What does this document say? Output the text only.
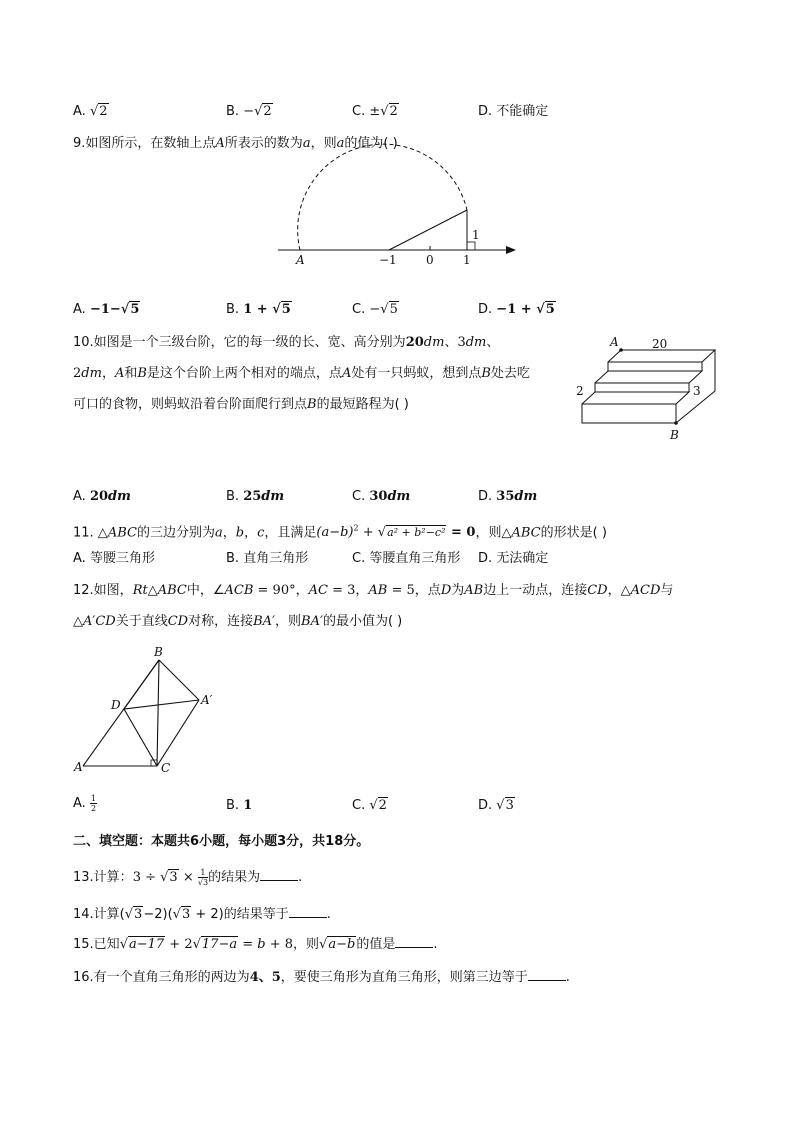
A. √2	B. −√2	C. ±√2	D. 不能确定
9.如图所示，在数轴上点A所表示的数为a，则a的值为( )
A	−1 0 1
1
A. −1−√5	B. 1 + √5	C. −√5	D. −1 + √5
10.如图是一个三级台阶，它的每一级的长、宽、高分别为20dm、3dm、
2dm，A和B是这个台阶上两个相对的端点，点A处有一只蚂蚁，想到点B处去吃
可口的食物，则蚂蚁沿着台阶面爬行到点B的最短路程为( )
A
B
20
2	3
A. 20dm	B. 25dm	C. 30dm	D. 35dm
11. △ABC的三边分别为a，b，c，且满足$(a-b)^2 + √a^2 + b^2-c^2 = 0$，则△ABC的形状是( )
A. 等腰三角形	B. 直角三角形	C. 等腰直角三角形 D. 无法确定
12.如图，Rt△ABC中，∠ACB = 90°，AC = 3，AB = 5，点D为AB边上一动点，连接CD，△ACD与
△A′CD关于直线CD对称，连接BA′，则BA′的最小值为( )
A
B
C
D	A′
A. $\frac{1}{2}$	B. 1	C. √2	D. √3
二、填空题：本题共6小题，每小题3分，共18分。
13.计算：$3 \div √3 \times \frac{1}{√3}$ 的结果为	.
14.计算(√3−2)(√3 + 2)的结果等于	.
15.已知√a−17 + 2√17−a = b + 8，则√a−b的值是	.
16.有一个直角三角形的两边为4、5，要使三角形为直角三角形，则第三边等于	.
